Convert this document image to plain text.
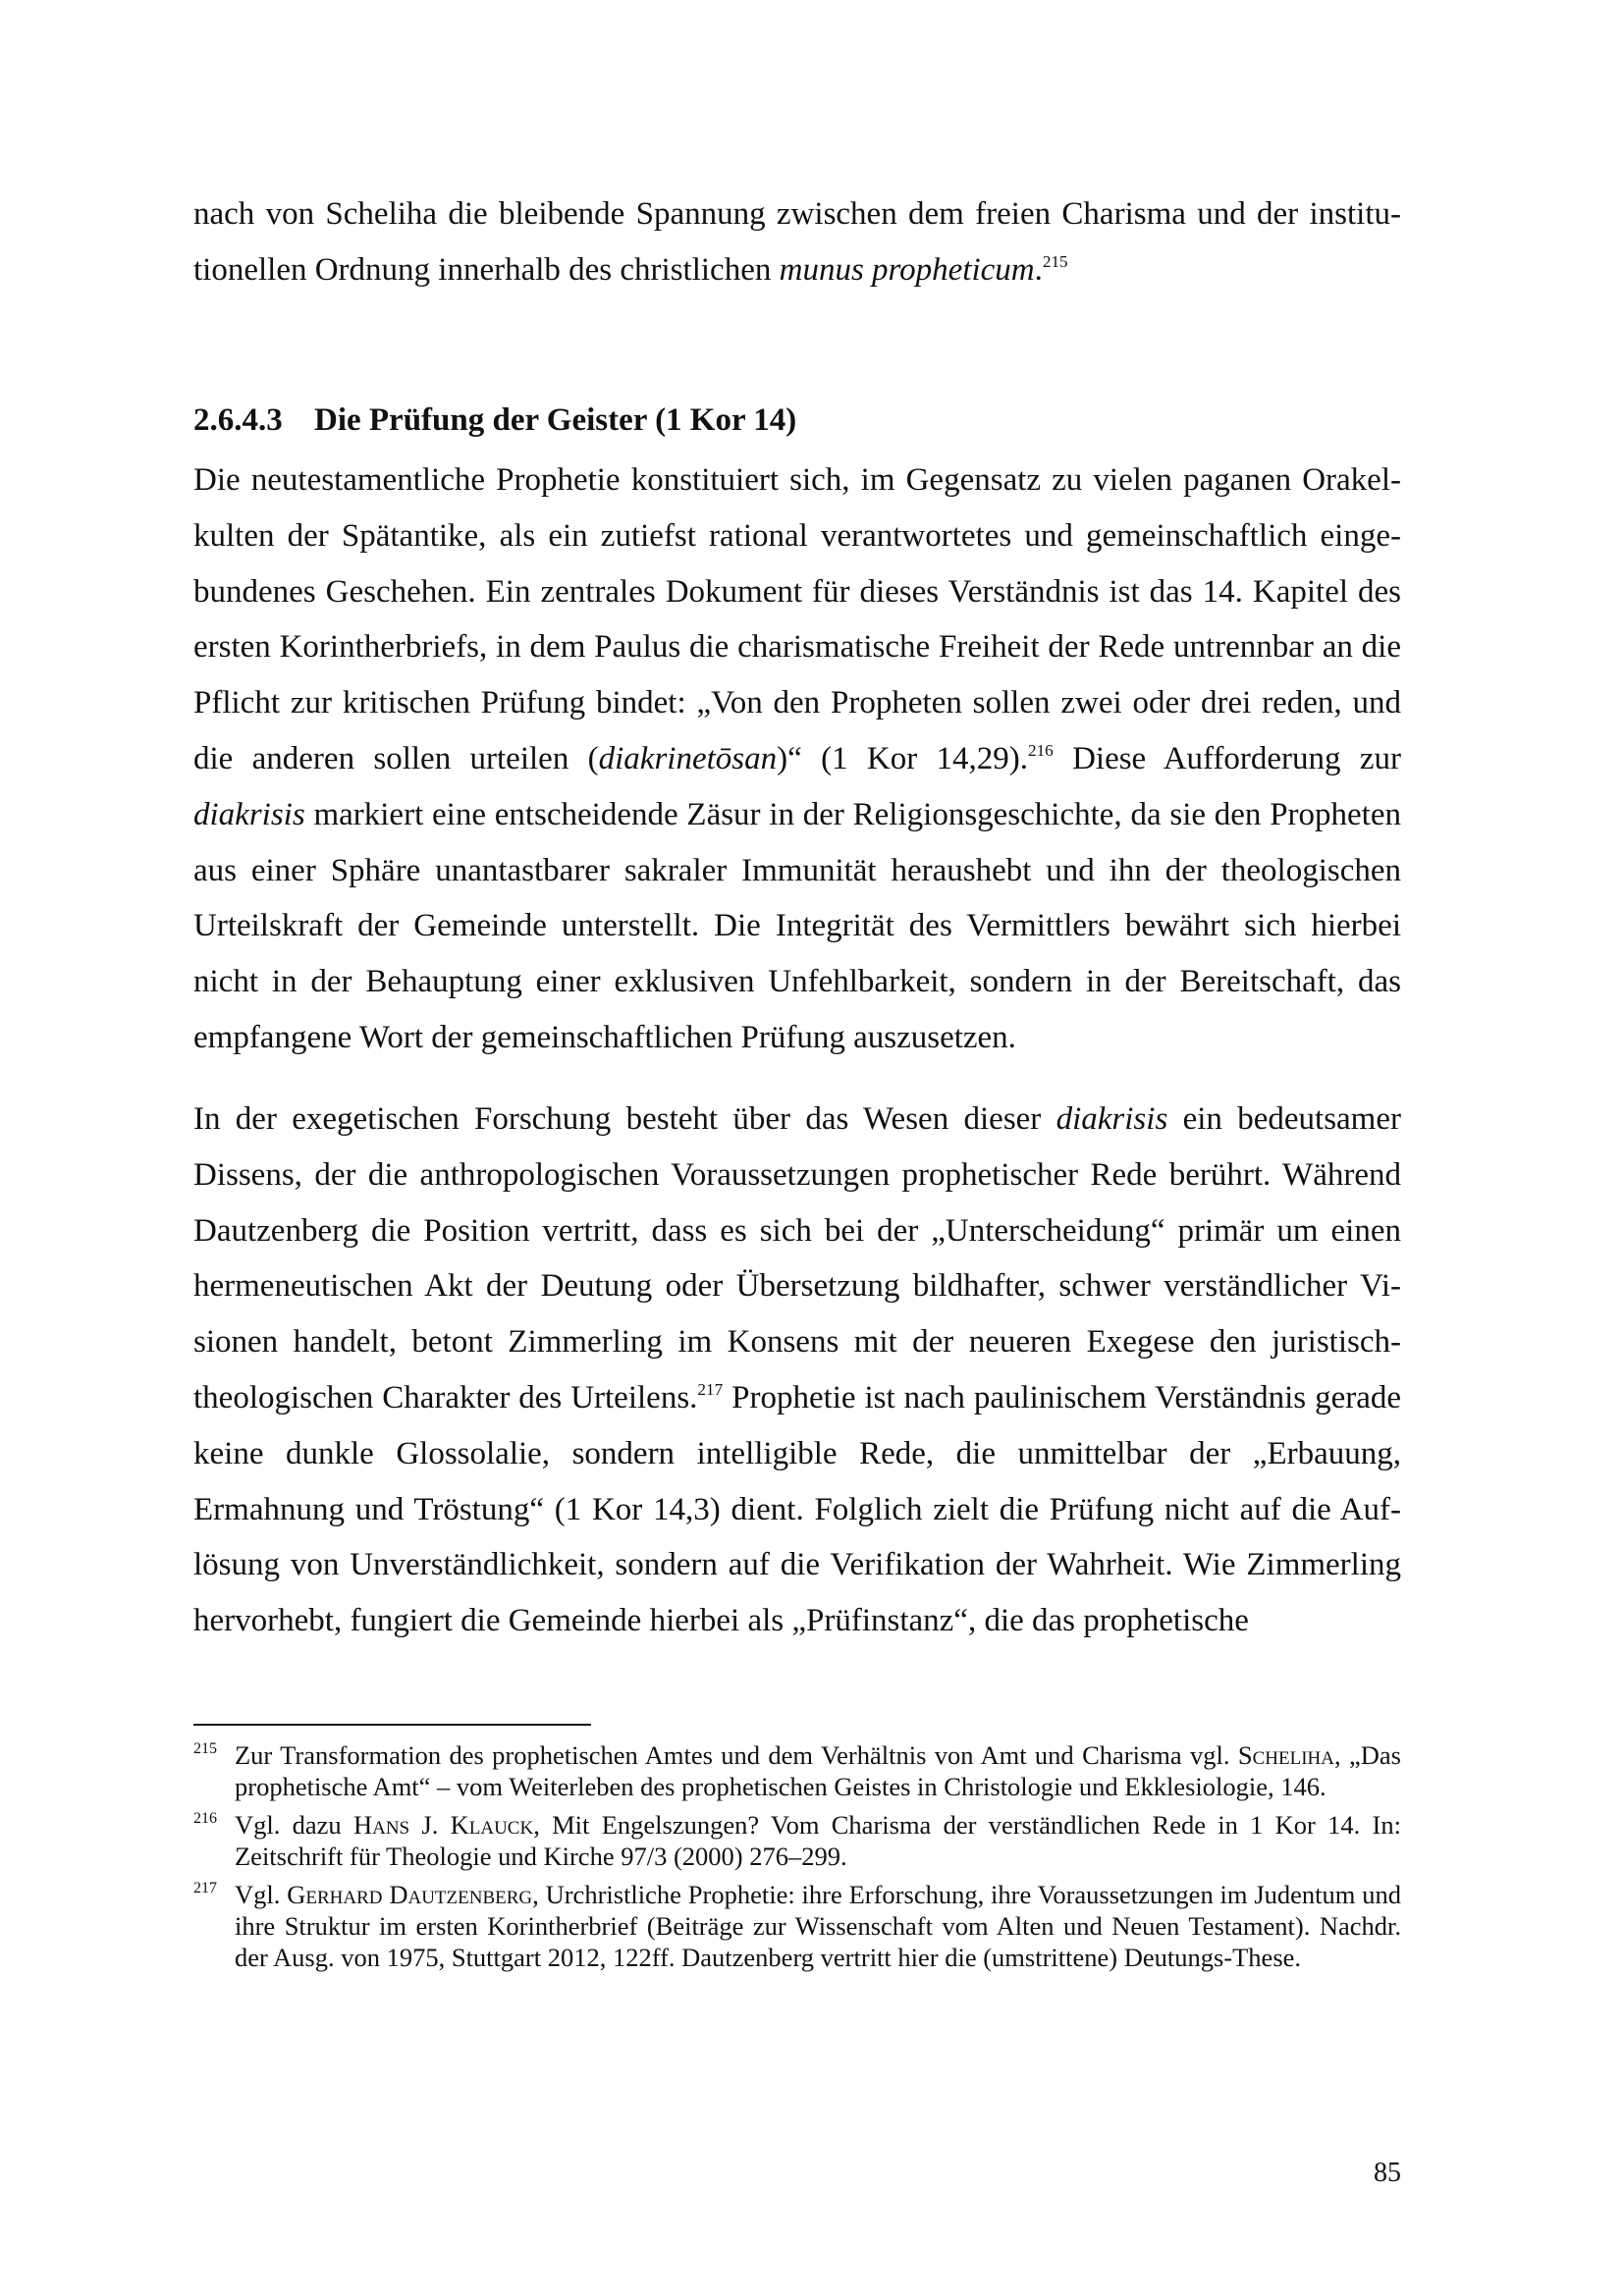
nach von Scheliha die bleibende Spannung zwischen dem freien Charisma und der institutionellen Ordnung innerhalb des christlichen munus propheticum.$^{215}$

2.6.4.3 Die Prüfung der Geister (1 Kor 14)

Die neutestamentliche Prophetie konstituiert sich, im Gegensatz zu vielen paganen Orakelkulten der Spätantike, als ein zutiefst rational verantwortetes und gemeinschaftlich eingebundenes Geschehen. Ein zentrales Dokument für dieses Verständnis ist das 14. Kapitel des ersten Korintherbriefs, in dem Paulus die charismatische Freiheit der Rede untrennbar an die Pflicht zur kritischen Prüfung bindet: „Von den Propheten sollen zwei oder drei reden, und die anderen sollen urteilen (diakrinetōsan)“ (1 Kor 14,29).$^{216}$ Diese Aufforderung zur diakrisis markiert eine entscheidende Zäsur in der Religionsgeschichte, da sie den Propheten aus einer Sphäre unantastbarer sakraler Immunität heraushebt und ihn der theologischen Urteilskraft der Gemeinde unterstellt. Die Integrität des Vermittlers bewährt sich hierbei nicht in der Behauptung einer exklusiven Unfehlbarkeit, sondern in der Bereitschaft, das empfangene Wort der gemeinschaftlichen Prüfung auszusetzen.

In der exegetischen Forschung besteht über das Wesen dieser diakrisis ein bedeutsamer Dissens, der die anthropologischen Voraussetzungen prophetischer Rede berührt. Während Dautzenberg die Position vertritt, dass es sich bei der „Unterscheidung“ primär um einen hermeneutischen Akt der Deutung oder Übersetzung bildhafter, schwer verständlicher Visionen handelt, betont Zimmerling im Konsens mit der neueren Exegese den juristisch-theologischen Charakter des Urteilens.$^{217}$ Prophetie ist nach paulinischem Verständnis gerade keine dunkle Glossolalie, sondern intelligible Rede, die unmittelbar der „Erbauung, Ermahnung und Tröstung“ (1 Kor 14,3) dient. Folglich zielt die Prüfung nicht auf die Auflösung von Unverständlichkeit, sondern auf die Verifikation der Wahrheit. Wie Zimmerling hervorhebt, fungiert die Gemeinde hierbei als „Prüfinstanz“, die das prophetische

215 Zur Transformation des prophetischen Amtes und dem Verhältnis von Amt und Charisma vgl. Scheliha, „Das prophetische Amt“ – vom Weiterleben des prophetischen Geistes in Christologie und Ekklesiologie, 146.

216 Vgl. dazu Hans J. Klauck, Mit Engelszungen? Vom Charisma der verständlichen Rede in 1 Kor 14. In: Zeitschrift für Theologie und Kirche 97/3 (2000) 276–299.

217 Vgl. Gerhard Dautzenberg, Urchristliche Prophetie: ihre Erforschung, ihre Voraussetzungen im Judentum und ihre Struktur im ersten Korintherbrief (Beiträge zur Wissenschaft vom Alten und Neuen Testament). Nachdr. der Ausg. von 1975, Stuttgart 2012, 122ff. Dautzenberg vertritt hier die (umstrittene) Deutungs-These.

85
